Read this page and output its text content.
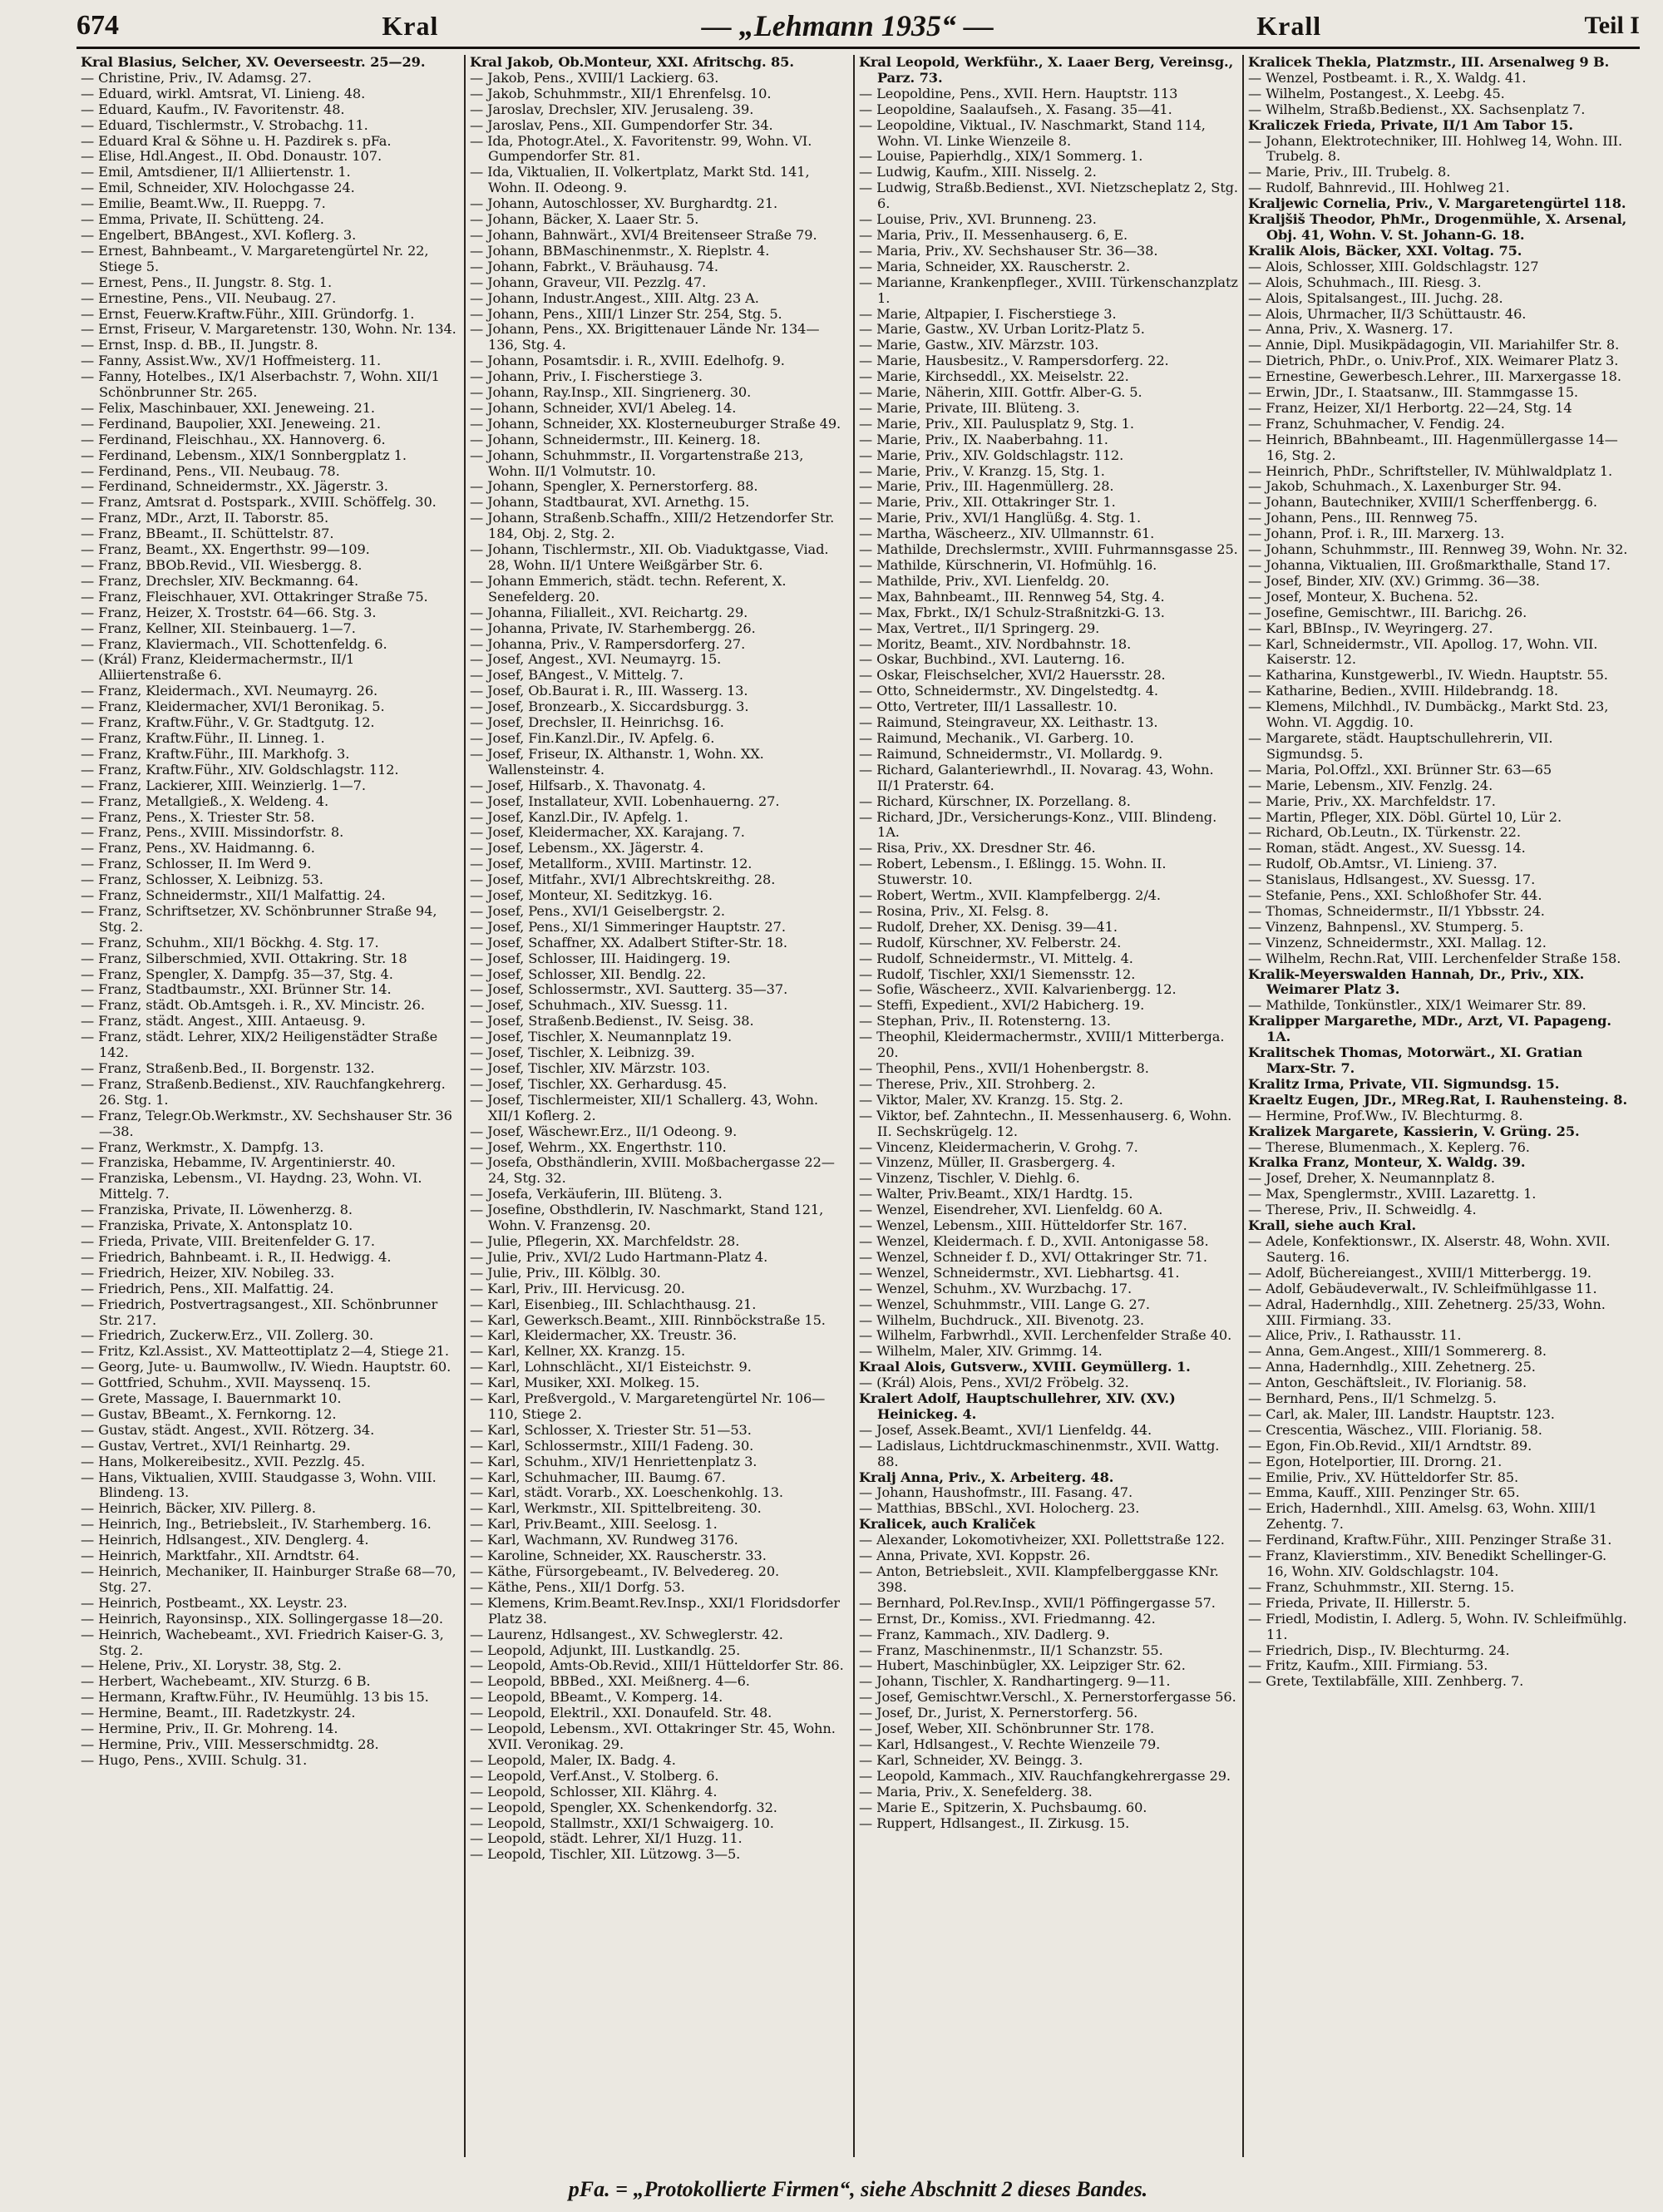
674	Kral	— „Lehmann 1935“ —	Krall	Teil I
Kral Blasius, Selcher, XV. Oeverseestr. 25—29.
— Christine, Priv., IV. Adamsg. 27.
— Eduard, wirkl. Amtsrat, VI. Linieng. 48.
— Eduard, Kaufm., IV. Favoritenstr. 48.
— Eduard, Tischlermstr., V. Strobachg. 11.
— Eduard Kral & Söhne u. H. Pazdirek s. pFa.
— Elise, Hdl.Angest., II. Obd. Donaustr. 107.
— Emil, Amtsdiener, II/1 Alliiertenstr. 1.
— Emil, Schneider, XIV. Holochgasse 24.
— Emilie, Beamt.Ww., II. Rueppg. 7.
— Emma, Private, II. Schütteng. 24.
— Engelbert, BBAngest., XVI. Koflerg. 3.
— Ernest, Bahnbeamt., V. Margaretengürtel Nr. 22, Stiege 5.
— Ernest, Pens., II. Jungstr. 8. Stg. 1.
— Ernestine, Pens., VII. Neubaug. 27.
— Ernst, Feuerw.Kraftw.Führ., XIII. Gründorfg. 1.
— Ernst, Friseur, V. Margaretenstr. 130, Wohn. Nr. 134.
— Ernst, Insp. d. BB., II. Jungstr. 8.
— Fanny, Assist.Ww., XV/1 Hoffmeisterg. 11.
— Fanny, Hotelbes., IX/1 Alserbachstr. 7, Wohn. XII/1 Schönbrunner Str. 265.
— Felix, Maschinbauer, XXI. Jeneweing. 21.
— Ferdinand, Baupolier, XXI. Jeneweing. 21.
— Ferdinand, Fleischhau., XX. Hannoverg. 6.
— Ferdinand, Lebensm., XIX/1 Sonnbergplatz 1.
— Ferdinand, Pens., VII. Neubaug. 78.
— Ferdinand, Schneidermstr., XX. Jägerstr. 3.
— Franz, Amtsrat d. Postspark., XVIII. Schöffelg. 30.
— Franz, MDr., Arzt, II. Taborstr. 85.
— Franz, BBeamt., II. Schüttelstr. 87.
— Franz, Beamt., XX. Engerthstr. 99—109.
— Franz, BBOb.Revid., VII. Wiesbergg. 8.
— Franz, Drechsler, XIV. Beckmanng. 64.
— Franz, Fleischhauer, XVI. Ottakringer Straße 75.
— Franz, Heizer, X. Troststr. 64—66. Stg. 3.
— Franz, Kellner, XII. Steinbauerg. 1—7.
— Franz, Klaviermach., VII. Schottenfeldg. 6.
— (Král) Franz, Kleidermachermstr., II/1 Alliiertenstraße 6.
— Franz, Kleidermach., XVI. Neumayrg. 26.
— Franz, Kleidermacher, XVI/1 Beronikag. 5.
— Franz, Kraftw.Führ., V. Gr. Stadtgutg. 12.
— Franz, Kraftw.Führ., II. Linneg. 1.
— Franz, Kraftw.Führ., III. Markhofg. 3.
— Franz, Kraftw.Führ., XIV. Goldschlagstr. 112.
— Franz, Lackierer, XIII. Weinzierlg. 1—7.
— Franz, Metallgieß., X. Weldeng. 4.
— Franz, Pens., X. Triester Str. 58.
— Franz, Pens., XVIII. Missindorfstr. 8.
— Franz, Pens., XV. Haidmanng. 6.
— Franz, Schlosser, II. Im Werd 9.
— Franz, Schlosser, X. Leibnizg. 53.
— Franz, Schneidermstr., XII/1 Malfattig. 24.
— Franz, Schriftsetzer, XV. Schönbrunner Straße 94, Stg. 2.
— Franz, Schuhm., XII/1 Böckhg. 4. Stg. 17.
— Franz, Silberschmied, XVII. Ottakring. Str. 18
— Franz, Spengler, X. Dampfg. 35—37, Stg. 4.
— Franz, Stadtbaumstr., XXI. Brünner Str. 14.
— Franz, städt. Ob.Amtsgeh. i. R., XV. Mincistr. 26.
— Franz, städt. Angest., XIII. Antaeusg. 9.
— Franz, städt. Lehrer, XIX/2 Heiligenstädter Straße 142.
— Franz, Straßenb.Bed., II. Borgenstr. 132.
— Franz, Straßenb.Bedienst., XIV. Rauchfangkehrerg. 26. Stg. 1.
— Franz, Telegr.Ob.Werkmstr., XV. Sechshauser Str. 36—38.
— Franz, Werkmstr., X. Dampfg. 13.
— Franziska, Hebamme, IV. Argentinierstr. 40.
— Franziska, Lebensm., VI. Haydng. 23, Wohn. VI. Mittelg. 7.
— Franziska, Private, II. Löwenherzg. 8.
— Franziska, Private, X. Antonsplatz 10.
— Frieda, Private, VIII. Breitenfelder G. 17.
— Friedrich, Bahnbeamt. i. R., II. Hedwigg. 4.
— Friedrich, Heizer, XIV. Nobileg. 33.
— Friedrich, Pens., XII. Malfattig. 24.
— Friedrich, Postvertragsangest., XII. Schönbrunner Str. 217.
— Friedrich, Zuckerw.Erz., VII. Zollerg. 30.
— Fritz, Kzl.Assist., XV. Matteottiplatz 2—4, Stiege 21.
— Georg, Jute- u. Baumwollw., IV. Wiedn. Hauptstr. 60.
— Gottfried, Schuhm., XVII. Mayssenq. 15.
— Grete, Massage, I. Bauernmarkt 10.
— Gustav, BBeamt., X. Fernkorng. 12.
— Gustav, städt. Angest., XVII. Rötzerg. 34.
— Gustav, Vertret., XVI/1 Reinhartg. 29.
— Hans, Molkereibesitz., XVII. Pezzlg. 45.
— Hans, Viktualien, XVIII. Staudgasse 3, Wohn. VIII. Blindeng. 13.
— Heinrich, Bäcker, XIV. Pillerg. 8.
— Heinrich, Ing., Betriebsleit., IV. Starhemberg. 16.
— Heinrich, Hdlsangest., XIV. Denglerg. 4.
— Heinrich, Marktfahr., XII. Arndtstr. 64.
— Heinrich, Mechaniker, II. Hainburger Straße 68—70, Stg. 27.
— Heinrich, Postbeamt., XX. Leystr. 23.
— Heinrich, Rayonsinsp., XIX. Sollingergasse 18—20.
— Heinrich, Wachebeamt., XVI. Friedrich Kaiser-G. 3, Stg. 2.
— Helene, Priv., XI. Lorystr. 38, Stg. 2.
— Herbert, Wachebeamt., XIV. Sturzg. 6 B.
— Hermann, Kraftw.Führ., IV. Heumühlg. 13 bis 15.
— Hermine, Beamt., III. Radetzkystr. 24.
— Hermine, Priv., II. Gr. Mohreng. 14.
— Hermine, Priv., VIII. Messerschmidtg. 28.
— Hugo, Pens., XVIII. Schulg. 31.
Kral Jakob, Ob.Monteur, XXI. Afritschg. 85.
— Jakob, Pens., XVIII/1 Lackierg. 63.
— Jakob, Schuhmmstr., XII/1 Ehrenfelsg. 10.
— Jaroslav, Drechsler, XIV. Jerusaleng. 39.
— Jaroslav, Pens., XII. Gumpendorfer Str. 34.
— Ida, Photogr.Atel., X. Favoritenstr. 99, Wohn. VI. Gumpendorfer Str. 81.
— Ida, Viktualien, II. Volkertplatz, Markt Std. 141, Wohn. II. Odeong. 9.
— Johann, Autoschlosser, XV. Burghardtg. 21.
— Johann, Bäcker, X. Laaer Str. 5.
— Johann, Bahnwärt., XVI/4 Breitenseer Straße 79.
— Johann, BBMaschinenmstr., X. Rieplstr. 4.
— Johann, Fabrkt., V. Bräuhausg. 74.
— Johann, Graveur, VII. Pezzlg. 47.
— Johann, Industr.Angest., XIII. Altg. 23 A.
— Johann, Pens., XIII/1 Linzer Str. 254, Stg. 5.
— Johann, Pens., XX. Brigittenauer Lände Nr. 134—136, Stg. 4.
— Johann, Posamtsdir. i. R., XVIII. Edelhofg. 9.
— Johann, Priv., I. Fischerstiege 3.
— Johann, Ray.Insp., XII. Singrienerg. 30.
— Johann, Schneider, XVI/1 Abeleg. 14.
— Johann, Schneider, XX. Klosterneuburger Straße 49.
— Johann, Schneidermstr., III. Keinerg. 18.
— Johann, Schuhmmstr., II. Vorgartenstraße 213, Wohn. II/1 Volmutstr. 10.
— Johann, Spengler, X. Pernerstorferg. 88.
— Johann, Stadtbaurat, XVI. Arnethg. 15.
— Johann, Straßenb.Schaffn., XIII/2 Hetzendorfer Str. 184, Obj. 2, Stg. 2.
— Johann, Tischlermstr., XII. Ob. Viaduktgasse, Viad. 28, Wohn. II/1 Untere Weißgärber Str. 6.
— Johann Emmerich, städt. techn. Referent, X. Senefelderg. 20.
— Johanna, Filialleit., XVI. Reichartg. 29.
— Johanna, Private, IV. Starhembergg. 26.
— Johanna, Priv., V. Rampersdorferg. 27.
— Josef, Angest., XVI. Neumayrg. 15.
— Josef, BAngest., V. Mittelg. 7.
— Josef, Ob.Baurat i. R., III. Wasserg. 13.
— Josef, Bronzearb., X. Siccardsburgg. 3.
— Josef, Drechsler, II. Heinrichsg. 16.
— Josef, Fin.Kanzl.Dir., IV. Apfelg. 6.
— Josef, Friseur, IX. Althanstr. 1, Wohn. XX. Wallensteinstr. 4.
— Josef, Hilfsarb., X. Thavonatg. 4.
— Josef, Installateur, XVII. Lobenhauerng. 27.
— Josef, Kanzl.Dir., IV. Apfelg. 1.
— Josef, Kleidermacher, XX. Karajang. 7.
— Josef, Lebensm., XX. Jägerstr. 4.
— Josef, Metallform., XVIII. Martinstr. 12.
— Josef, Mitfahr., XVI/1 Albrechtskreithg. 28.
— Josef, Monteur, XI. Seditzkyg. 16.
— Josef, Pens., XVI/1 Geiselbergstr. 2.
— Josef, Pens., XI/1 Simmeringer Hauptstr. 27.
— Josef, Schaffner, XX. Adalbert Stifter-Str. 18.
— Josef, Schlosser, III. Haidingerg. 19.
— Josef, Schlosser, XII. Bendlg. 22.
— Josef, Schlossermstr., XVI. Sautterg. 35—37.
— Josef, Schuhmach., XIV. Suessg. 11.
— Josef, Straßenb.Bedienst., IV. Seisg. 38.
— Josef, Tischler, X. Neumannplatz 19.
— Josef, Tischler, X. Leibnizg. 39.
— Josef, Tischler, XIV. Märzstr. 103.
— Josef, Tischler, XX. Gerhardusg. 45.
— Josef, Tischlermeister, XII/1 Schallerg. 43, Wohn. XII/1 Koflerg. 2.
— Josef, Wäschewr.Erz., II/1 Odeong. 9.
— Josef, Wehrm., XX. Engerthstr. 110.
— Josefa, Obsthändlerin, XVIII. Moßbachergasse 22—24, Stg. 32.
— Josefa, Verkäuferin, III. Blüteng. 3.
— Josefine, Obsthdlerin, IV. Naschmarkt, Stand 121, Wohn. V. Franzensg. 20.
— Julie, Pflegerin, XX. Marchfeldstr. 28.
— Julie, Priv., XVI/2 Ludo Hartmann-Platz 4.
— Julie, Priv., III. Kölblg. 30.
— Karl, Priv., III. Hervicusg. 20.
— Karl, Eisenbieg., III. Schlachthausg. 21.
— Karl, Gewerksch.Beamt., XIII. Rinnböckstraße 15.
— Karl, Kleidermacher, XX. Treustr. 36.
— Karl, Kellner, XX. Kranzg. 15.
— Karl, Lohnschlächt., XI/1 Eisteichstr. 9.
— Karl, Musiker, XXI. Molkeg. 15.
— Karl, Preßvergold., V. Margaretengürtel Nr. 106—110, Stiege 2.
— Karl, Schlosser, X. Triester Str. 51—53.
— Karl, Schlossermstr., XIII/1 Fadeng. 30.
— Karl, Schuhm., XIV/1 Henriettenplatz 3.
— Karl, Schuhmacher, III. Baumg. 67.
— Karl, städt. Vorarb., XX. Loeschenkohlg. 13.
— Karl, Werkmstr., XII. Spittelbreiteng. 30.
— Karl, Priv.Beamt., XIII. Seelosg. 1.
— Karl, Wachmann, XV. Rundweg 3176.
— Karoline, Schneider, XX. Rauscherstr. 33.
— Käthe, Fürsorgebeamt., IV. Belvedereg. 20.
— Käthe, Pens., XII/1 Dorfg. 53.
— Klemens, Krim.Beamt.Rev.Insp., XXI/1 Floridsdorfer Platz 38.
— Laurenz, Hdlsangest., XV. Schweglerstr. 42.
— Leopold, Adjunkt, III. Lustkandlg. 25.
— Leopold, Amts-Ob.Revid., XIII/1 Hütteldorfer Str. 86.
— Leopold, BBBed., XXI. Meißnerg. 4—6.
— Leopold, BBeamt., V. Komperg. 14.
— Leopold, Elektril., XXI. Donaufeld. Str. 48.
— Leopold, Lebensm., XVI. Ottakringer Str. 45, Wohn. XVII. Veronikag. 29.
— Leopold, Maler, IX. Badg. 4.
— Leopold, Verf.Anst., V. Stolberg. 6.
— Leopold, Schlosser, XII. Klährg. 4.
— Leopold, Spengler, XX. Schenkendorfg. 32.
— Leopold, Stallmstr., XXI/1 Schwaigerg. 10.
— Leopold, städt. Lehrer, XI/1 Huzg. 11.
— Leopold, Tischler, XII. Lützowg. 3—5.
Kral Leopold, Werkführ., X. Laaer Berg, Vereinsg., Parz. 73.
— Leopoldine, Pens., XVII. Hern. Hauptstr. 113
— Leopoldine, Saalaufseh., X. Fasang. 35—41.
— Leopoldine, Viktual., IV. Naschmarkt, Stand 114, Wohn. VI. Linke Wienzeile 8.
— Louise, Papierhdlg., XIX/1 Sommerg. 1.
— Ludwig, Kaufm., XIII. Nisselg. 2.
— Ludwig, Straßb.Bedienst., XVI. Nietzscheplatz 2, Stg. 6.
— Louise, Priv., XVI. Brunneng. 23.
— Maria, Priv., II. Messenhauserg. 6, E.
— Maria, Priv., XV. Sechshauser Str. 36—38.
— Maria, Schneider, XX. Rauscherstr. 2.
— Marianne, Krankenpfleger., XVIII. Türkenschanzplatz 1.
— Marie, Altpapier, I. Fischerstiege 3.
— Marie, Gastw., XV. Urban Loritz-Platz 5.
— Marie, Gastw., XIV. Märzstr. 103.
— Marie, Hausbesitz., V. Rampersdorferg. 22.
— Marie, Kirchseddl., XX. Meiselstr. 22.
— Marie, Näherin, XIII. Gottfr. Alber-G. 5.
— Marie, Private, III. Blüteng. 3.
— Marie, Priv., XII. Paulusplatz 9, Stg. 1.
— Marie, Priv., IX. Naaberbahng. 11.
— Marie, Priv., XIV. Goldschlagstr. 112.
— Marie, Priv., V. Kranzg. 15, Stg. 1.
— Marie, Priv., III. Hagenmüllerg. 28.
— Marie, Priv., XII. Ottakringer Str. 1.
— Marie, Priv., XVI/1 Hanglüßg. 4. Stg. 1.
— Martha, Wäscheerz., XIV. Ullmannstr. 61.
— Mathilde, Drechslermstr., XVIII. Fuhrmannsgasse 25.
— Mathilde, Kürschnerin, VI. Hofmühlg. 16.
— Mathilde, Priv., XVI. Lienfeldg. 20.
— Max, Bahnbeamt., III. Rennweg 54, Stg. 4.
— Max, Fbrkt., IX/1 Schulz-Straßnitzki-G. 13.
— Max, Vertret., II/1 Springerg. 29.
— Moritz, Beamt., XIV. Nordbahnstr. 18.
— Oskar, Buchbind., XVI. Lauterng. 16.
— Oskar, Fleischselcher, XVI/2 Hauersstr. 28.
— Otto, Schneidermstr., XV. Dingelstedtg. 4.
— Otto, Vertreter, III/1 Lassallestr. 10.
— Raimund, Steingraveur, XX. Leithastr. 13.
— Raimund, Mechanik., VI. Garberg. 10.
— Raimund, Schneidermstr., VI. Mollardg. 9.
— Richard, Galanteriewrhdl., II. Novarag. 43, Wohn. II/1 Praterstr. 64.
— Richard, Kürschner, IX. Porzellang. 8.
— Richard, JDr., Versicherungs-Konz., VIII. Blindeng. 1A.
— Risa, Priv., XX. Dresdner Str. 46.
— Robert, Lebensm., I. Eßlingg. 15. Wohn. II. Stuwerstr. 10.
— Robert, Wertm., XVII. Klampfelbergg. 2/4.
— Rosina, Priv., XI. Felsg. 8.
— Rudolf, Dreher, XX. Denisg. 39—41.
— Rudolf, Kürschner, XV. Felberstr. 24.
— Rudolf, Schneidermstr., VI. Mittelg. 4.
— Rudolf, Tischler, XXI/1 Siemensstr. 12.
— Sofie, Wäscheerz., XVII. Kalvarienbergg. 12.
— Steffi, Expedient., XVI/2 Habicherg. 19.
— Stephan, Priv., II. Rotensterng. 13.
— Theophil, Kleidermachermstr., XVIII/1 Mitterberga. 20.
— Theophil, Pens., XVII/1 Hohenbergstr. 8.
— Therese, Priv., XII. Strohberg. 2.
— Viktor, Maler, XV. Kranzg. 15. Stg. 2.
— Viktor, bef. Zahntechn., II. Messenhauserg. 6, Wohn. II. Sechskrügelg. 12.
— Vincenz, Kleidermacherin, V. Grohg. 7.
— Vinzenz, Müller, II. Grasbergerg. 4.
— Vinzenz, Tischler, V. Diehlg. 6.
— Walter, Priv.Beamt., XIX/1 Hardtg. 15.
— Wenzel, Eisendreher, XVI. Lienfeldg. 60 A.
— Wenzel, Lebensm., XIII. Hütteldorfer Str. 167.
— Wenzel, Kleidermach. f. D., XVII. Antonigasse 58.
— Wenzel, Schneider f. D., XVI/ Ottakringer Str. 71.
— Wenzel, Schneidermstr., XVI. Liebhartsg. 41.
— Wenzel, Schuhm., XV. Wurzbachg. 17.
— Wenzel, Schuhmmstr., VIII. Lange G. 27.
— Wilhelm, Buchdruck., XII. Bivenotg. 23.
— Wilhelm, Farbwrhdl., XVII. Lerchenfelder Straße 40.
— Wilhelm, Maler, XIV. Grimmg. 14.
Kraal Alois, Gutsverw., XVIII. Geymüllerg. 1.
— (Král) Alois, Pens., XVI/2 Fröbelg. 32.
Kralert Adolf, Hauptschullehrer, XIV. (XV.) Heinickeg. 4.
— Josef, Assek.Beamt., XVI/1 Lienfeldg. 44.
— Ladislaus, Lichtdruckmaschinenmstr., XVII. Wattg. 88.
Kralj Anna, Priv., X. Arbeiterg. 48.
— Johann, Haushofmstr., III. Fasang. 47.
— Matthias, BBSchl., XVI. Holocherg. 23.
Kralicek, auch Kraliček
— Alexander, Lokomotivheizer, XXI. Pollettstraße 122.
— Anna, Private, XVI. Koppstr. 26.
— Anton, Betriebsleit., XVII. Klampfelberggasse KNr. 398.
— Bernhard, Pol.Rev.Insp., XVII/1 Pöffingergasse 57.
— Ernst, Dr., Komiss., XVI. Friedmanng. 42.
— Franz, Kammach., XIV. Dadlerg. 9.
— Franz, Maschinenmstr., II/1 Schanzstr. 55.
— Hubert, Maschinbügler, XX. Leipziger Str. 62.
— Johann, Tischler, X. Randhartingerg. 9—11.
— Josef, Gemischtwr.Verschl., X. Pernerstorfergasse 56.
— Josef, Dr., Jurist, X. Pernerstorferg. 56.
— Josef, Weber, XII. Schönbrunner Str. 178.
— Karl, Hdlsangest., V. Rechte Wienzeile 79.
— Karl, Schneider, XV. Beingg. 3.
— Leopold, Kammach., XIV. Rauchfangkehrergasse 29.
— Maria, Priv., X. Senefelderg. 38.
— Marie E., Spitzerin, X. Puchsbaumg. 60.
— Ruppert, Hdlsangest., II. Zirkusg. 15.
Kralicek Thekla, Platzmstr., III. Arsenalweg 9 B.
— Wenzel, Postbeamt. i. R., X. Waldg. 41.
— Wilhelm, Postangest., X. Leebg. 45.
— Wilhelm, Straßb.Bedienst., XX. Sachsenplatz 7.
Kraliczek Frieda, Private, II/1 Am Tabor 15.
— Johann, Elektrotechniker, III. Hohlweg 14, Wohn. III. Trubelg. 8.
— Marie, Priv., III. Trubelg. 8.
— Rudolf, Bahnrevid., III. Hohlweg 21.
Kraljewic Cornelia, Priv., V. Margaretengürtel 118.
Kraljšiš Theodor, PhMr., Drogenmühle, X. Arsenal, Obj. 41, Wohn. V. St. Johann-G. 18.
Kralik Alois, Bäcker, XXI. Voltag. 75.
— Alois, Schlosser, XIII. Goldschlagstr. 127
— Alois, Schuhmach., III. Riesg. 3.
— Alois, Spitalsangest., III. Juchg. 28.
— Alois, Uhrmacher, II/3 Schüttaustr. 46.
— Anna, Priv., X. Wasnerg. 17.
— Annie, Dipl. Musikpädagogin, VII. Mariahilfer Str. 8.
— Dietrich, PhDr., o. Univ.Prof., XIX. Weimarer Platz 3.
— Ernestine, Gewerbesch.Lehrer., III. Marxergasse 18.
— Erwin, JDr., I. Staatsanw., III. Stammgasse 15.
— Franz, Heizer, XI/1 Herbortg. 22—24, Stg. 14
— Franz, Schuhmacher, V. Fendig. 24.
— Heinrich, BBahnbeamt., III. Hagenmüllergasse 14—16, Stg. 2.
— Heinrich, PhDr., Schriftsteller, IV. Mühlwaldplatz 1.
— Jakob, Schuhmach., X. Laxenburger Str. 94.
— Johann, Bautechniker, XVIII/1 Scherffenbergg. 6.
— Johann, Pens., III. Rennweg 75.
— Johann, Prof. i. R., III. Marxerg. 13.
— Johann, Schuhmmstr., III. Rennweg 39, Wohn. Nr. 32.
— Johanna, Viktualien, III. Großmarkthalle, Stand 17.
— Josef, Binder, XIV. (XV.) Grimmg. 36—38.
— Josef, Monteur, X. Buchena. 52.
— Josefine, Gemischtwr., III. Barichg. 26.
— Karl, BBInsp., IV. Weyringerg. 27.
— Karl, Schneidermstr., VII. Apollog. 17, Wohn. VII. Kaiserstr. 12.
— Katharina, Kunstgewerbl., IV. Wiedn. Hauptstr. 55.
— Katharine, Bedien., XVIII. Hildebrandg. 18.
— Klemens, Milchhdl., IV. Dumbäckg., Markt Std. 23, Wohn. VI. Aggdig. 10.
— Margarete, städt. Hauptschullehrerin, VII. Sigmundsg. 5.
— Maria, Pol.Offzl., XXI. Brünner Str. 63—65
— Marie, Lebensm., XIV. Fenzlg. 24.
— Marie, Priv., XX. Marchfeldstr. 17.
— Martin, Pfleger, XIX. Döbl. Gürtel 10, Lür 2.
— Richard, Ob.Leutn., IX. Türkenstr. 22.
— Roman, städt. Angest., XV. Suessg. 14.
— Rudolf, Ob.Amtsr., VI. Linieng. 37.
— Stanislaus, Hdlsangest., XV. Suessg. 17.
— Stefanie, Pens., XXI. Schloßhofer Str. 44.
— Thomas, Schneidermstr., II/1 Ybbsstr. 24.
— Vinzenz, Bahnpensl., XV. Stumperg. 5.
— Vinzenz, Schneidermstr., XXI. Mallag. 12.
— Wilhelm, Rechn.Rat, VIII. Lerchenfelder Straße 158.
Kralik-Meyerswalden Hannah, Dr., Priv., XIX. Weimarer Platz 3.
— Mathilde, Tonkünstler., XIX/1 Weimarer Str. 89.
Kralipper Margarethe, MDr., Arzt, VI. Papageng. 1A.
Kralitschek Thomas, Motorwärt., XI. Gratian Marx-Str. 7.
Kralitz Irma, Private, VII. Sigmundsg. 15.
Kraeltz Eugen, JDr., MReg.Rat, I. Rauhensteing. 8.
— Hermine, Prof.Ww., IV. Blechturmg. 8.
Kralizek Margarete, Kassierin, V. Grüng. 25.
— Therese, Blumenmach., X. Keplerg. 76.
Kralka Franz, Monteur, X. Waldg. 39.
— Josef, Dreher, X. Neumannplatz 8.
— Max, Spenglermstr., XVIII. Lazarettg. 1.
— Therese, Priv., II. Schweidlg. 4.
Krall, siehe auch Kral.
— Adele, Konfektionswr., IX. Alserstr. 48, Wohn. XVII. Sauterg. 16.
— Adolf, Büchereiangest., XVIII/1 Mitterbergg. 19.
— Adolf, Gebäudeverwalt., IV. Schleifmühlgasse 11.
— Adral, Hadernhdlg., XIII. Zehetnerg. 25/33, Wohn. XIII. Firmiang. 33.
— Alice, Priv., I. Rathausstr. 11.
— Anna, Gem.Angest., XIII/1 Sommererg. 8.
— Anna, Hadernhdlg., XIII. Zehetnerg. 25.
— Anton, Geschäftsleit., IV. Florianig. 58.
— Bernhard, Pens., II/1 Schmelzg. 5.
— Carl, ak. Maler, III. Landstr. Hauptstr. 123.
— Crescentia, Wäschez., VIII. Florianig. 58.
— Egon, Fin.Ob.Revid., XII/1 Arndtstr. 89.
— Egon, Hotelportier, III. Drorng. 21.
— Emilie, Priv., XV. Hütteldorfer Str. 85.
— Emma, Kauff., XIII. Penzinger Str. 65.
— Erich, Hadernhdl., XIII. Amelsg. 63, Wohn. XIII/1 Zehentg. 7.
— Ferdinand, Kraftw.Führ., XIII. Penzinger Straße 31.
— Franz, Klavierstimm., XIV. Benedikt Schellinger-G. 16, Wohn. XIV. Goldschlagstr. 104.
— Franz, Schuhmmstr., XII. Sterng. 15.
— Frieda, Private, II. Hillerstr. 5.
— Friedl, Modistin, I. Adlerg. 5, Wohn. IV. Schleifmühlg. 11.
— Friedrich, Disp., IV. Blechturmg. 24.
— Fritz, Kaufm., XIII. Firmiang. 53.
— Grete, Textilabfälle, XIII. Zenhberg. 7.
pFa. = „Protokollierte Firmen“, siehe Abschnitt 2 dieses Bandes.
